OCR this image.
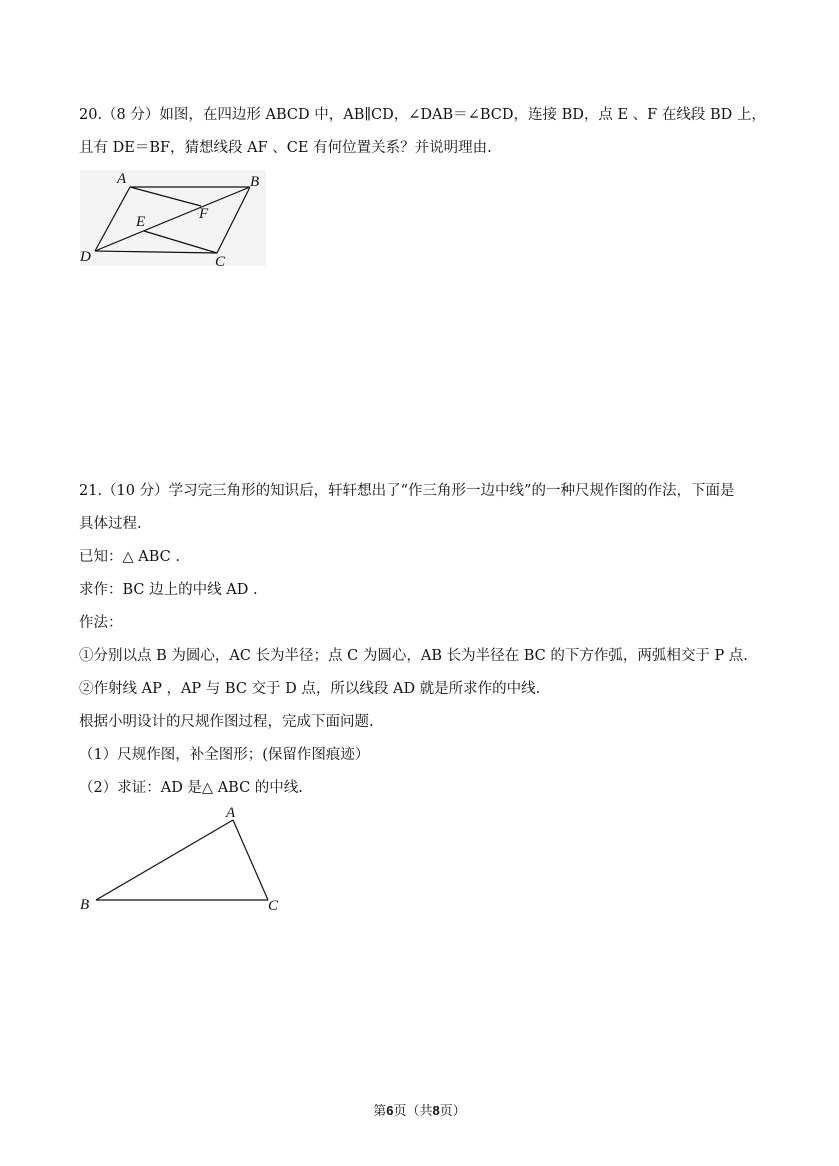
20.（8 分）如图，在四边形 ABCD 中，AB∥CD，∠DAB＝∠BCD，连接 BD，点 E 、F 在线段 BD 上，
且有 DE＝BF，猜想线段 AF 、CE 有何位置关系？并说明理由.
A	B
C
D
E	F
21.（10 分）学习完三角形的知识后，轩轩想出了“作三角形一边中线”的一种尺规作图的作法，下面是
具体过程.
已知：△ ABC .
求作：BC 边上的中线 AD .
作法：
①分别以点 B 为圆心，AC 长为半径；点 C 为圆心，AB 长为半径在 BC 的下方作弧，两弧相交于 P 点.
②作射线 AP ，AP 与 BC 交于 D 点，所以线段 AD 就是所求作的中线.
根据小明设计的尺规作图过程，完成下面问题.
（1）尺规作图，补全图形；(保留作图痕迹）
（2）求证：AD 是△ ABC 的中线.
A
B	C
第6页（共8页）
